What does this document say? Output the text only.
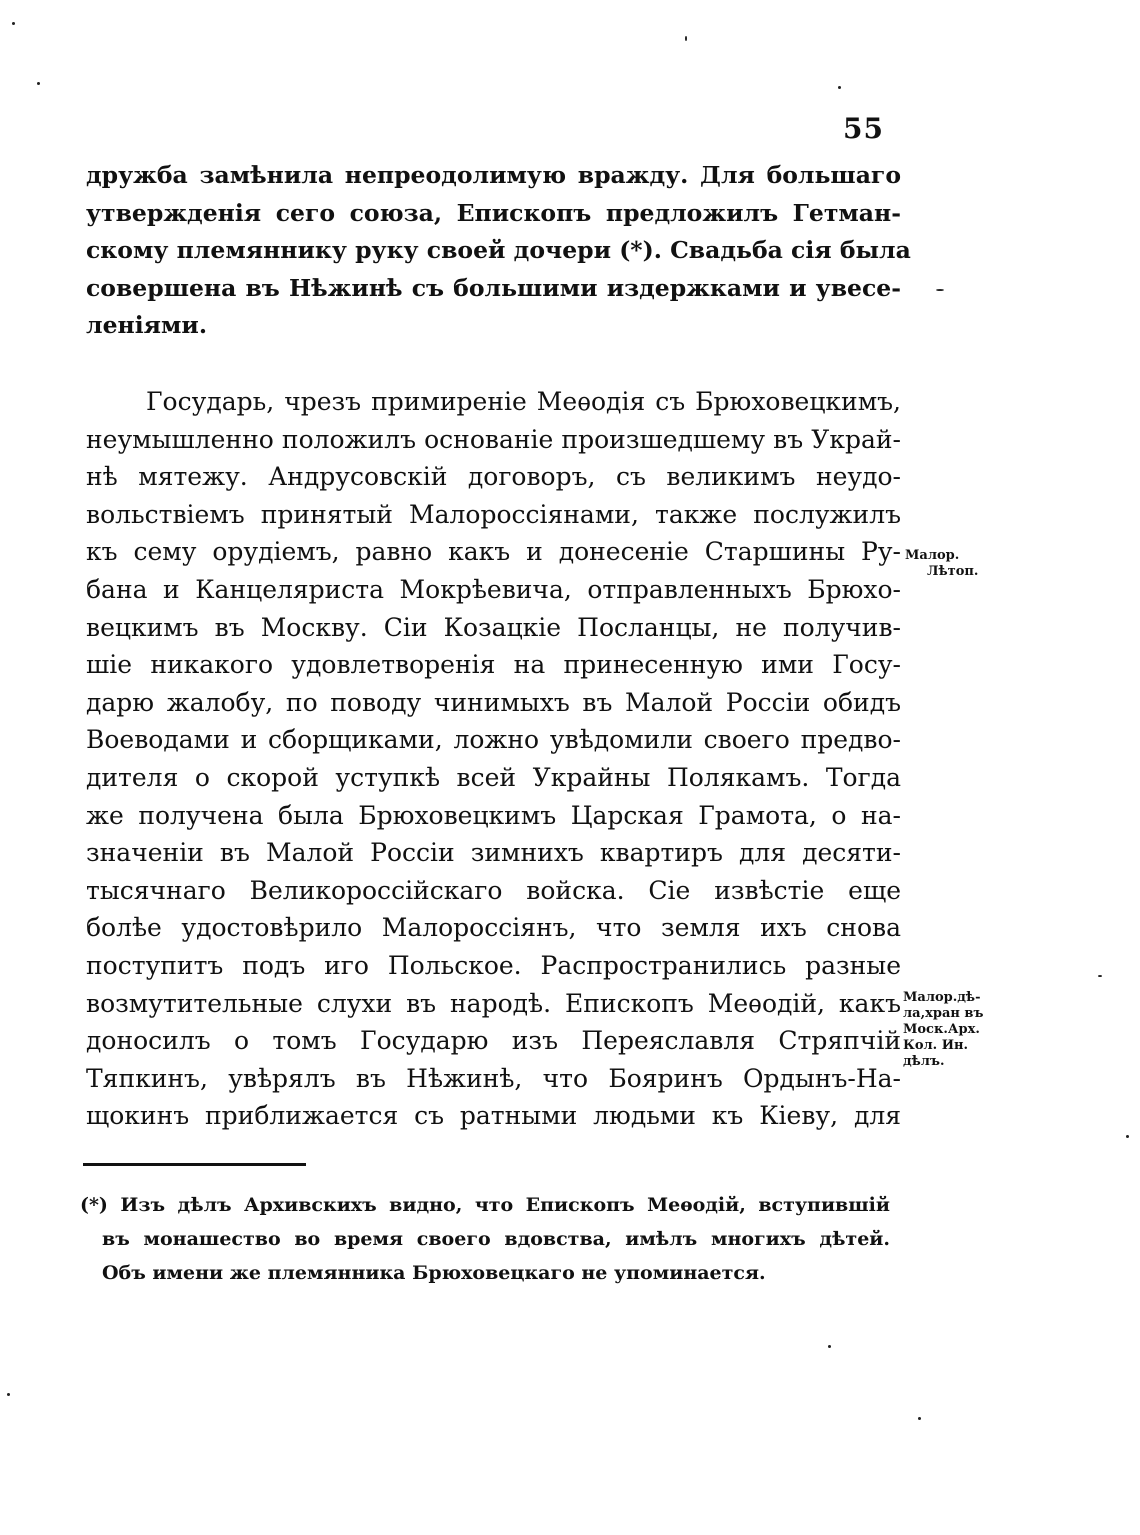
55
дружба замѣнила непреодолимую вражду. Для большаго
утвержденія сего союза, Епископъ предложилъ Гетман-
скому племяннику руку своей дочери (*). Свадьба сія была
совершена въ Нѣжинѣ съ большими издержками и увесе-
леніями.
Государь, чрезъ примиреніе Меѳодія съ Брюховецкимъ,
неумышленно положилъ основаніе произшедшему въ Украй-
нѣ мятежу. Андрусовскій договоръ, съ великимъ неудо-
вольствіемъ принятый Малороссіянами, также послужилъ
къ сему орудіемъ, равно какъ и донесеніе Старшины Ру-
бана и Канцеляриста Мокрѣевича, отправленныхъ Брюхо-
вецкимъ въ Москву. Сіи Козацкіе Посланцы, не получив-
шіе никакого удовлетворенія на принесенную ими Госу-
дарю жалобу, по поводу чинимыхъ въ Малой Россіи обидъ
Воеводами и сборщиками, ложно увѣдомили своего предво-
дителя о скорой уступкѣ всей Украйны Полякамъ. Тогда
же получена была Брюховецкимъ Царская Грамота, о на-
значеніи въ Малой Россіи зимнихъ квартиръ для десяти-
тысячнаго Великороссійскаго войска. Сіе извѣстіе еще
болѣе удостовѣрило Малороссіянъ, что земля ихъ снова
поступитъ подъ иго Польское. Распространились разные
возмутительные слухи въ народѣ. Епископъ Меѳодій, какъ
доносилъ о томъ Государю изъ Переяславля Стряпчій
Тяпкинъ, увѣрялъ въ Нѣжинѣ, что Бояринъ Ордынъ-На-
щокинъ приближается съ ратными людьми къ Кіеву, для
Малор.
Лѣтоп.
Малор.дѣ-
ла,хран въ
Моск.Арх.
Кол. Ин.
дѣлъ.
(*) Изъ дѣлъ Архивскихъ видно, что Епископъ Меѳодій, вступившій
въ монашество во время своего вдовства, имѣлъ многихъ дѣтей.
Объ имени же племянника Брюховецкаго не упоминается.
